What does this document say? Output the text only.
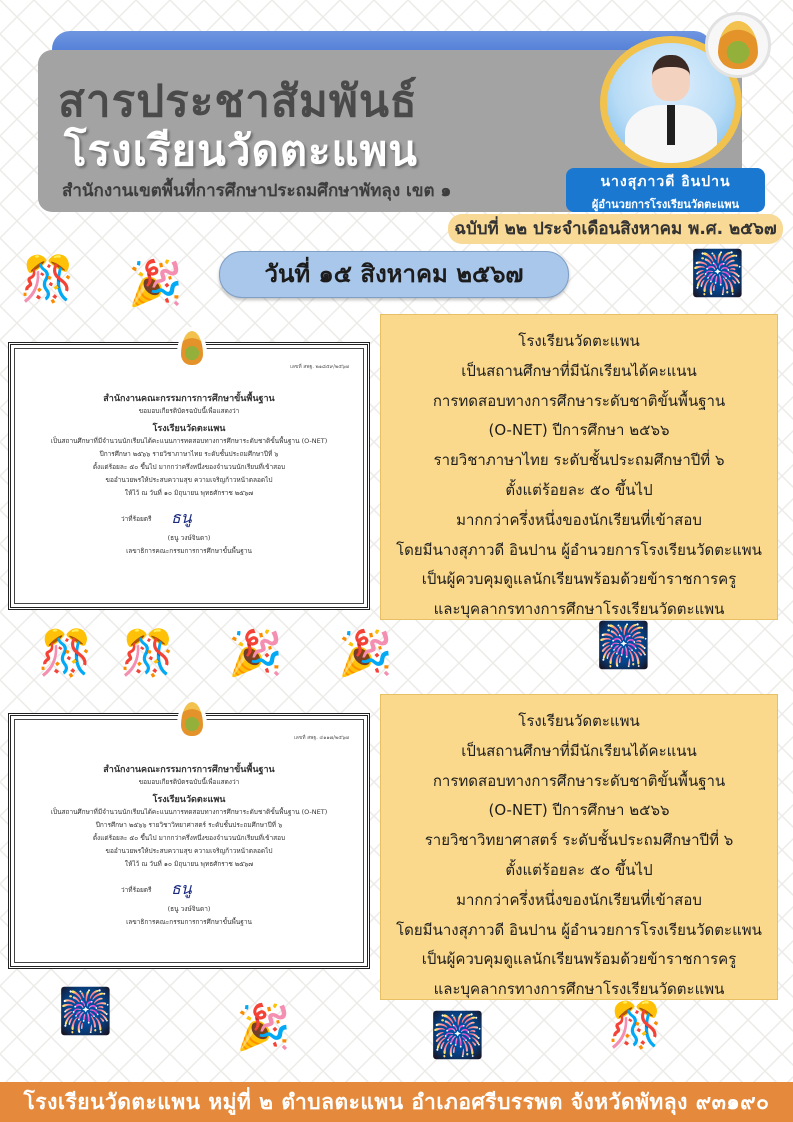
สารประชาสัมพันธ์
โรงเรียนวัดตะแพน
สำนักงานเขตพื้นที่การศึกษาประถมศึกษาพัทลุง เขต ๑	นางสุภาวดี อินปาน
ผู้อำนวยการโรงเรียนวัดตะแพน
ฉบับที่ ๒๒ ประจำเดือนสิงหาคม พ.ศ. ๒๕๖๗
วันที่ ๑๕ สิงหาคม ๒๕๖๗
🎊 🎉	🎆
เลขที่ สพฐ. ๒๑๘๕๙/๒๕๖๗
สำนักงานคณะกรรมการการศึกษาขั้นพื้นฐาน
ขอมอบเกียรติบัตรฉบับนี้เพื่อแสดงว่า
โรงเรียนวัดตะแพน
เป็นสถานศึกษาที่มีจำนวนนักเรียนได้คะแนนการทดสอบทางการศึกษาระดับชาติขั้นพื้นฐาน (O-NET)
ปีการศึกษา ๒๕๖๖ รายวิชาภาษาไทย ระดับชั้นประถมศึกษาปีที่ ๖
ตั้งแต่ร้อยละ ๕๐ ขึ้นไป มากกว่าครึ่งหนึ่งของจำนวนนักเรียนที่เข้าสอบ
ขออำนวยพรให้ประสบความสุข ความเจริญก้าวหน้าตลอดไป
ให้ไว้ ณ วันที่ ๑๐ มิถุนายน พุทธศักราช ๒๕๖๗
ว่าที่ร้อยตรี ธนู
(ธนู วงษ์จินดา)
เลขาธิการคณะกรรมการการศึกษาขั้นพื้นฐาน
โรงเรียนวัดตะแพน
เป็นสถานศึกษาที่มีนักเรียนได้คะแนน
การทดสอบทางการศึกษาระดับชาติขั้นพื้นฐาน
(O-NET) ปีการศึกษา ๒๕๖๖
รายวิชาภาษาไทย ระดับชั้นประถมศึกษาปีที่ ๖
ตั้งแต่ร้อยละ ๕๐ ขึ้นไป
มากกว่าครึ่งหนึ่งของนักเรียนที่เข้าสอบ
โดยมีนางสุภาวดี อินปาน ผู้อำนวยการโรงเรียนวัดตะแพน
เป็นผู้ควบคุมดูแลนักเรียนพร้อมด้วยข้าราชการครู
และบุคลากรทางการศึกษาโรงเรียนวัดตะแพน
🎊 🎊 🎉 🎉	🎆
เลขที่ สพฐ. ๔๑๑๗/๒๕๖๗
สำนักงานคณะกรรมการการศึกษาขั้นพื้นฐาน
ขอมอบเกียรติบัตรฉบับนี้เพื่อแสดงว่า
โรงเรียนวัดตะแพน
เป็นสถานศึกษาที่มีจำนวนนักเรียนได้คะแนนการทดสอบทางการศึกษาระดับชาติขั้นพื้นฐาน (O-NET)
ปีการศึกษา ๒๕๖๖ รายวิชาวิทยาศาสตร์ ระดับชั้นประถมศึกษาปีที่ ๖
ตั้งแต่ร้อยละ ๕๐ ขึ้นไป มากกว่าครึ่งหนึ่งของจำนวนนักเรียนที่เข้าสอบ
ขออำนวยพรให้ประสบความสุข ความเจริญก้าวหน้าตลอดไป
ให้ไว้ ณ วันที่ ๑๐ มิถุนายน พุทธศักราช ๒๕๖๗
ว่าที่ร้อยตรี ธนู
(ธนู วงษ์จินดา)
เลขาธิการคณะกรรมการการศึกษาขั้นพื้นฐาน
โรงเรียนวัดตะแพน
เป็นสถานศึกษาที่มีนักเรียนได้คะแนน
การทดสอบทางการศึกษาระดับชาติขั้นพื้นฐาน
(O-NET) ปีการศึกษา ๒๕๖๖
รายวิชาวิทยาศาสตร์ ระดับชั้นประถมศึกษาปีที่ ๖
ตั้งแต่ร้อยละ ๕๐ ขึ้นไป
มากกว่าครึ่งหนึ่งของนักเรียนที่เข้าสอบ
โดยมีนางสุภาวดี อินปาน ผู้อำนวยการโรงเรียนวัดตะแพน
เป็นผู้ควบคุมดูแลนักเรียนพร้อมด้วยข้าราชการครู
และบุคลากรทางการศึกษาโรงเรียนวัดตะแพน
🎆	🎉	🎆	🎊
โรงเรียนวัดตะแพน หมู่ที่ ๒ ตำบลตะแพน อำเภอศรีบรรพต จังหวัดพัทลุง ๙๓๑๙๐
